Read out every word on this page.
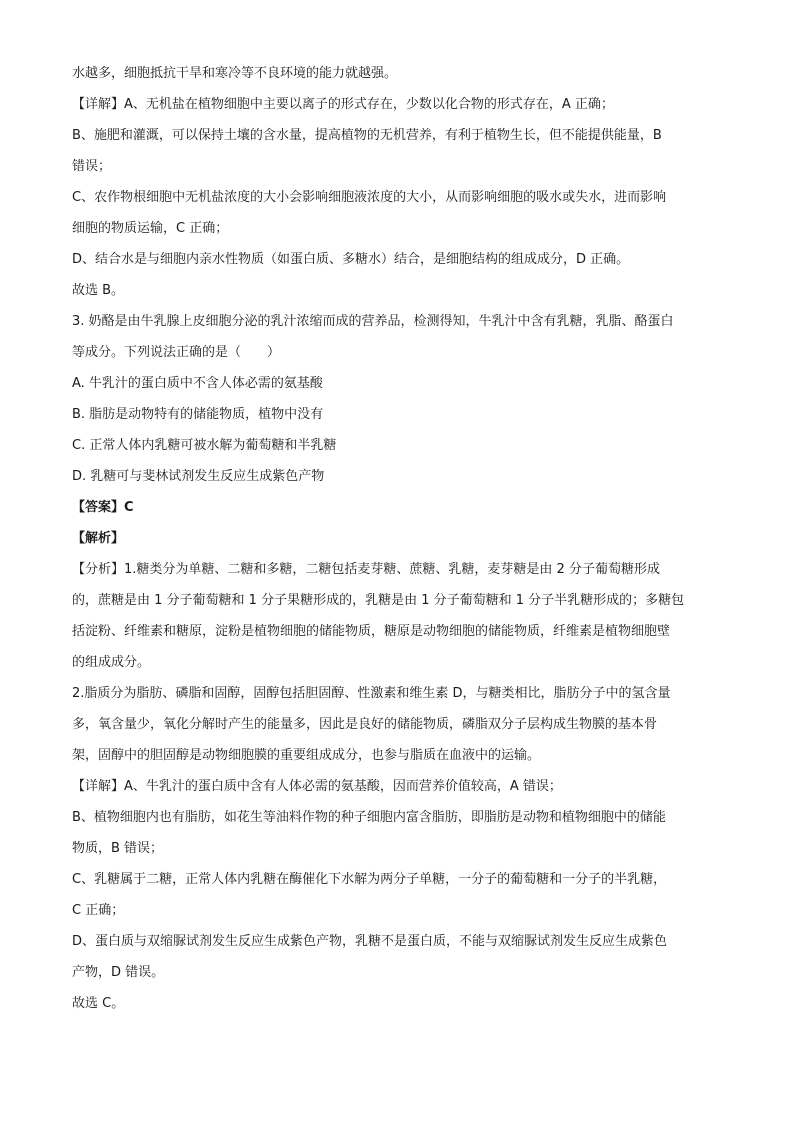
水越多，细胞抵抗干旱和寒冷等不良环境的能力就越强。

【详解】A、无机盐在植物细胞中主要以离子的形式存在，少数以化合物的形式存在，A 正确；

B、施肥和灌溉，可以保持土壤的含水量，提高植物的无机营养，有利于植物生长，但不能提供能量，B

错误；

C、农作物根细胞中无机盐浓度的大小会影响细胞液浓度的大小，从而影响细胞的吸水或失水，进而影响

细胞的物质运输，C 正确；

D、结合水是与细胞内亲水性物质（如蛋白质、多糖水）结合，是细胞结构的组成成分，D 正确。

故选 B。

3. 奶酪是由牛乳腺上皮细胞分泌的乳汁浓缩而成的营养品，检测得知，牛乳汁中含有乳糖，乳脂、酪蛋白

等成分。下列说法正确的是（　　）

A. 牛乳汁的蛋白质中不含人体必需的氨基酸

B. 脂肪是动物特有的储能物质，植物中没有

C. 正常人体内乳糖可被水解为葡萄糖和半乳糖

D. 乳糖可与斐林试剂发生反应生成紫色产物

【答案】C

【解析】

【分析】1.糖类分为单糖、二糖和多糖，二糖包括麦芽糖、蔗糖、乳糖，麦芽糖是由 2 分子葡萄糖形成

的，蔗糖是由 1 分子葡萄糖和 1 分子果糖形成的，乳糖是由 1 分子葡萄糖和 1 分子半乳糖形成的；多糖包

括淀粉、纤维素和糖原，淀粉是植物细胞的储能物质，糖原是动物细胞的储能物质，纤维素是植物细胞壁

的组成成分。

2.脂质分为脂肪、磷脂和固醇，固醇包括胆固醇、性激素和维生素 D，与糖类相比，脂肪分子中的氢含量

多，氧含量少，氧化分解时产生的能量多，因此是良好的储能物质，磷脂双分子层构成生物膜的基本骨

架，固醇中的胆固醇是动物细胞膜的重要组成成分，也参与脂质在血液中的运输。

【详解】A、牛乳汁的蛋白质中含有人体必需的氨基酸，因而营养价值较高，A 错误；

B、植物细胞内也有脂肪，如花生等油料作物的种子细胞内富含脂肪，即脂肪是动物和植物细胞中的储能

物质，B 错误；

C、乳糖属于二糖，正常人体内乳糖在酶催化下水解为两分子单糖，一分子的葡萄糖和一分子的半乳糖，

C 正确；

D、蛋白质与双缩脲试剂发生反应生成紫色产物，乳糖不是蛋白质，不能与双缩脲试剂发生反应生成紫色

产物，D 错误。

故选 C。
